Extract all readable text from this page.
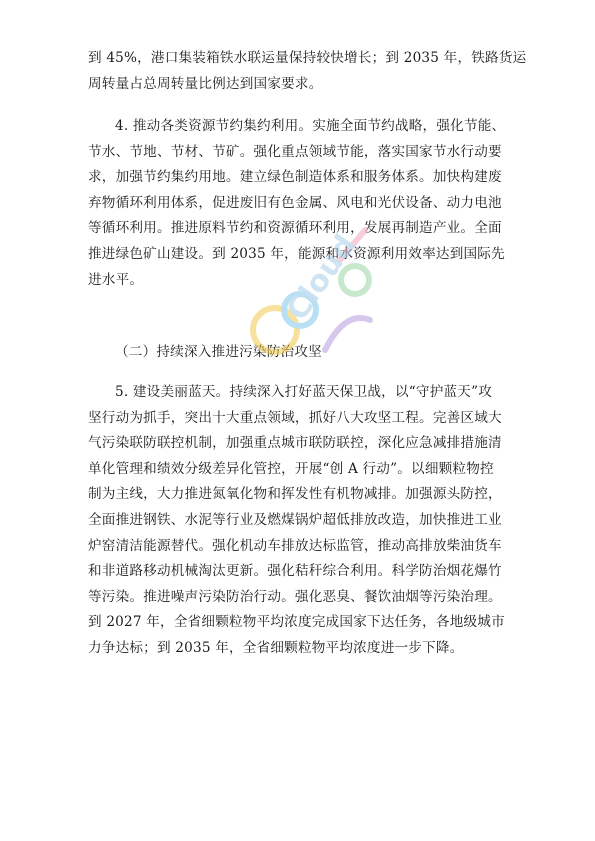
到 45%，港口集装箱铁水联运量保持较快增长；到 2035 年，铁路货运
周转量占总周转量比例达到国家要求。
4. 推动各类资源节约集约利用。实施全面节约战略，强化节能、
节水、节地、节材、节矿。强化重点领域节能，落实国家节水行动要
求，加强节约集约用地。建立绿色制造体系和服务体系。加快构建废
弃物循环利用体系，促进废旧有色金属、风电和光伏设备、动力电池
等循环利用。推进原料节约和资源循环利用，发展再制造产业。全面
推进绿色矿山建设。到 2035 年，能源和水资源利用效率达到国际先
进水平。
（二）持续深入推进污染防治攻坚
5. 建设美丽蓝天。持续深入打好蓝天保卫战，以“守护蓝天”攻
坚行动为抓手，突出十大重点领域，抓好八大攻坚工程。完善区域大
气污染联防联控机制，加强重点城市联防联控，深化应急减排措施清
单化管理和绩效分级差异化管控，开展“创 A 行动”。以细颗粒物控
制为主线，大力推进氮氧化物和挥发性有机物减排。加强源头防控，
全面推进钢铁、水泥等行业及燃煤锅炉超低排放改造，加快推进工业
炉窑清洁能源替代。强化机动车排放达标监管，推动高排放柴油货车
和非道路移动机械淘汰更新。强化秸秆综合利用。科学防治烟花爆竹
等污染。推进噪声污染防治行动。强化恶臭、餐饮油烟等污染治理。
到 2027 年，全省细颗粒物平均浓度完成国家下达任务，各地级城市
力争达标；到 2035 年，全省细颗粒物平均浓度进一步下降。
Cloud
